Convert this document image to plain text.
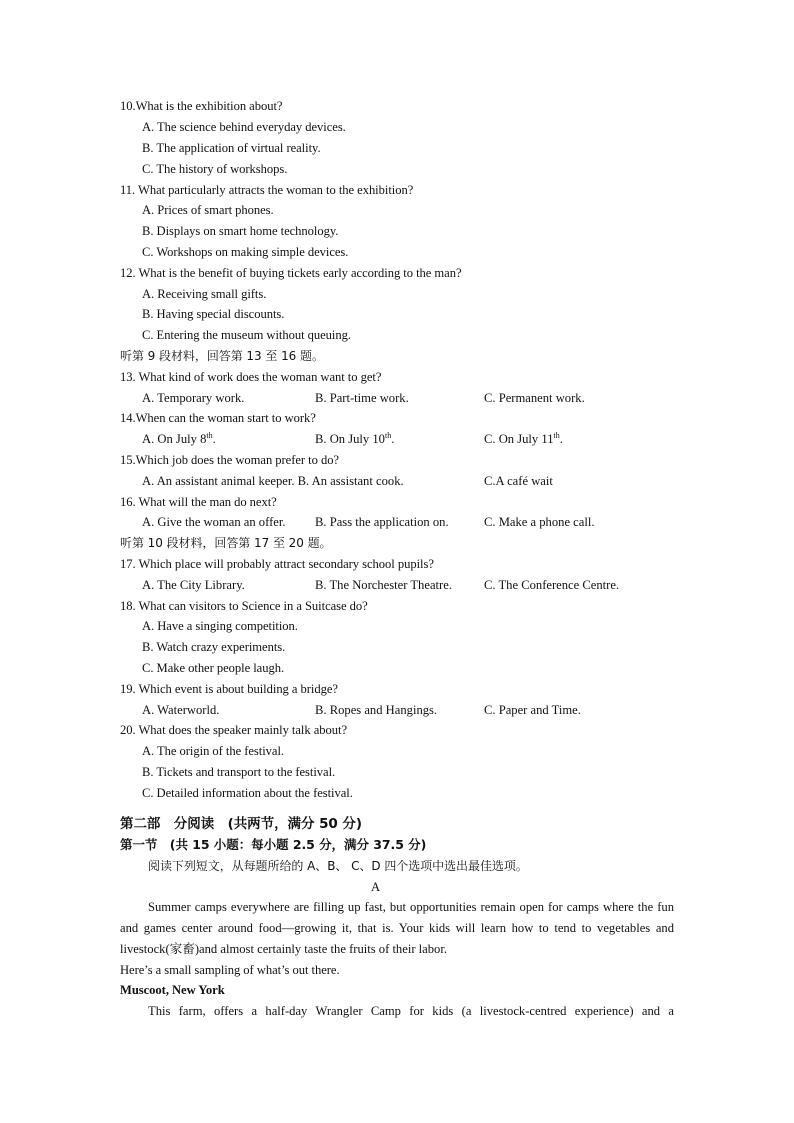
10.What is the exhibition about?
A. The science behind everyday devices.
B. The application of virtual reality.
C. The history of workshops.
11. What particularly attracts the woman to the exhibition?
A. Prices of smart phones.
B. Displays on smart home technology.
C. Workshops on making simple devices.
12. What is the benefit of buying tickets early according to the man?
A. Receiving small gifts.
B. Having special discounts.
C. Entering the museum without queuing.
听第 9 段材料，回答第 13 至 16 题。
13. What kind of work does the woman want to get?
A. Temporary work.	B. Part-time work.	C. Permanent work.
14.When can the woman start to work?
A. On July 8th.	B. On July 10th.	C. On July 11th.
15.Which job does the woman prefer to do?
A. An assistant animal keeper. B. An assistant cook.	C.A café wait
16. What will the man do next?
A. Give the woman an offer. B. Pass the application on.	C. Make a phone call.
听第 10 段材料，回答第 17 至 20 题。
17. Which place will probably attract secondary school pupils?
A. The City Library.	B. The Norchester Theatre.	C. The Conference Centre.
18. What can visitors to Science in a Suitcase do?
A. Have a singing competition.
B. Watch crazy experiments.
C. Make other people laugh.
19. Which event is about building a bridge?
A. Waterworld.	B. Ropes and Hangings.	C. Paper and Time.
20. What does the speaker mainly talk about?
A. The origin of the festival.
B. Tickets and transport to the festival.
C. Detailed information about the festival.
第二部　分阅读　(共两节，满分 50 分)
第一节　(共 15 小题：每小题 2.5 分，满分 37.5 分)
阅读下列短文，从每题所给的 A、B、 C、D 四个选项中选出最佳选项。
A
Summer camps everywhere are filling up fast, but opportunities remain open for camps where the fun and games center around food—growing it, that is. Your kids will learn how to tend to vegetables and livestock(家畜)and almost certainly taste the fruits of their labor.
Here’s a small sampling of what’s out there.
Muscoot, New York
This farm, offers a half-day Wrangler Camp for kids (a livestock-centred experience) and a
